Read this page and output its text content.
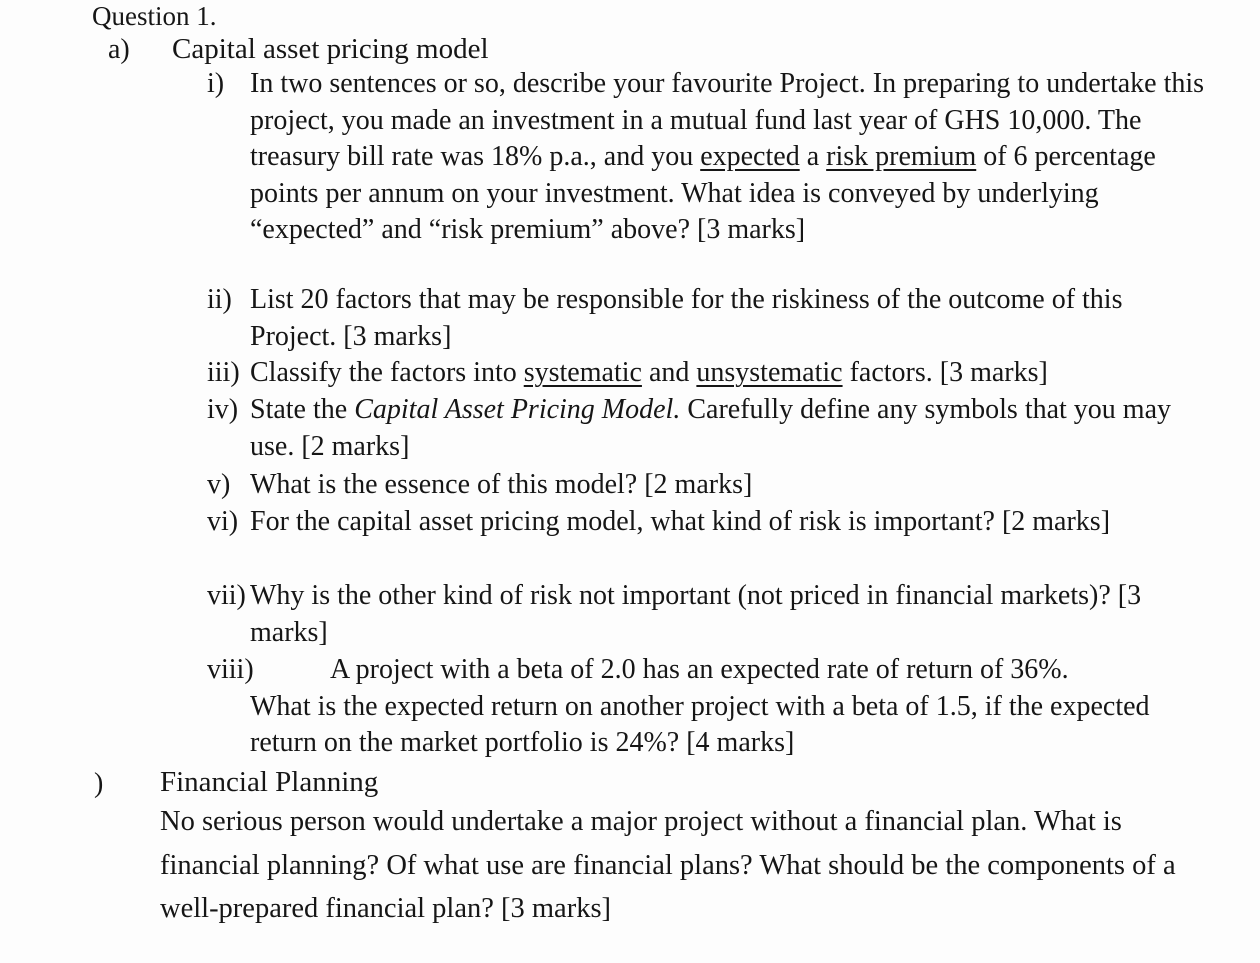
Question 1.
a) Capital asset pricing model
i) In two sentences or so, describe your favourite Project. In preparing to undertake this project, you made an investment in a mutual fund last year of GHS 10,000. The treasury bill rate was 18% p.a., and you expected a risk premium of 6 percentage points per annum on your investment. What idea is conveyed by underlying “expected” and “risk premium” above? [3 marks]
ii) List 20 factors that may be responsible for the riskiness of the outcome of this Project. [3 marks]
iii) Classify the factors into systematic and unsystematic factors. [3 marks]
iv) State the Capital Asset Pricing Model. Carefully define any symbols that you may use. [2 marks]
v) What is the essence of this model? [2 marks]
vi) For the capital asset pricing model, what kind of risk is important? [2 marks]
vii) Why is the other kind of risk not important (not priced in financial markets)? [3 marks]
viii)	A project with a beta of 2.0 has an expected rate of return of 36%.
What is the expected return on another project with a beta of 1.5, if the expected return on the market portfolio is 24%? [4 marks]
) Financial Planning
No serious person would undertake a major project without a financial plan. What is financial planning? Of what use are financial plans? What should be the components of a well-prepared financial plan? [3 marks]
